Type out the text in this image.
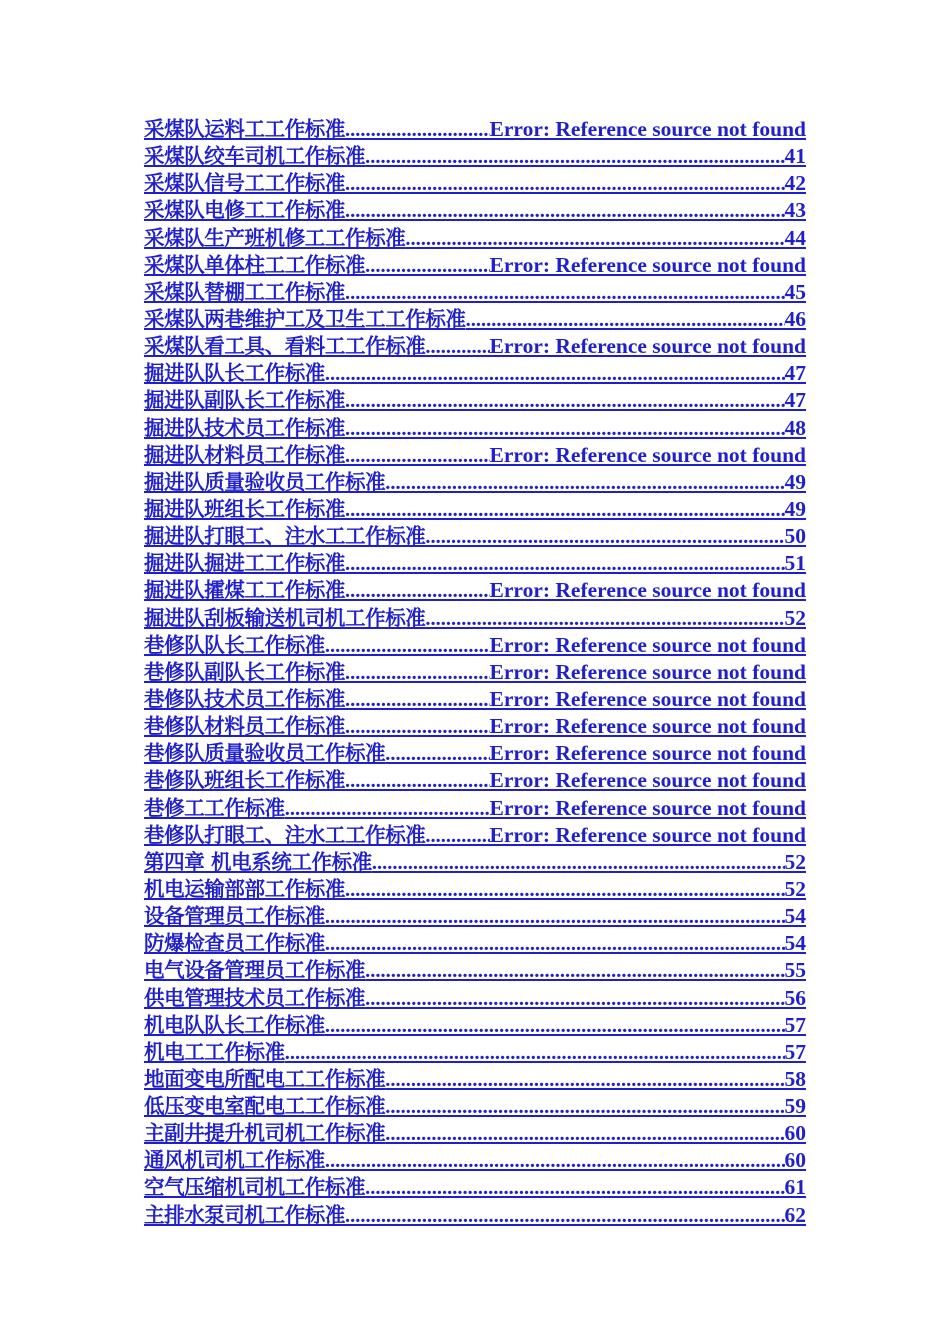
采煤队运料工工作标准 .....	Error: Reference source not found
采煤队绞车司机工作标准 .....	41
采煤队信号工工作标准 .....	42
采煤队电修工工作标准 .....	43
采煤队生产班机修工工作标准 .....	44
采煤队单体柱工工作标准 .....	Error: Reference source not found
采煤队替棚工工作标准 .....	45
采煤队两巷维护工及卫生工工作标准 .....	46
采煤队看工具、看料工工作标准 .....	Error: Reference source not found
掘进队队长工作标准 .....	47
掘进队副队长工作标准 .....	47
掘进队技术员工作标准 .....	48
掘进队材料员工作标准 .....	Error: Reference source not found
掘进队质量验收员工作标准 .....	49
掘进队班组长工作标准 .....	49
掘进队打眼工、注水工工作标准 .....	50
掘进队掘进工工作标准 .....	51
掘进队攉煤工工作标准 .....	Error: Reference source not found
掘进队刮板输送机司机工作标准 .....	52
巷修队队长工作标准 .....	Error: Reference source not found
巷修队副队长工作标准 .....	Error: Reference source not found
巷修队技术员工作标准 .....	Error: Reference source not found
巷修队材料员工作标准 .....	Error: Reference source not found
巷修队质量验收员工作标准 .....	Error: Reference source not found
巷修队班组长工作标准 .....	Error: Reference source not found
巷修工工作标准 .....	Error: Reference source not found
巷修队打眼工、注水工工作标准 .....	Error: Reference source not found
第四章 机电系统工作标准 .....	52
机电运输部部工作标准 .....	52
设备管理员工作标准 .....	54
防爆检查员工作标准 .....	54
电气设备管理员工作标准 .....	55
供电管理技术员工作标准 .....	56
机电队队长工作标准 .....	57
机电工工作标准 .....	57
地面变电所配电工工作标准 .....	58
低压变电室配电工工作标准 .....	59
主副井提升机司机工作标准 .....	60
通风机司机工作标准 .....	60
空气压缩机司机工作标准 .....	61
主排水泵司机工作标准 .....	62
